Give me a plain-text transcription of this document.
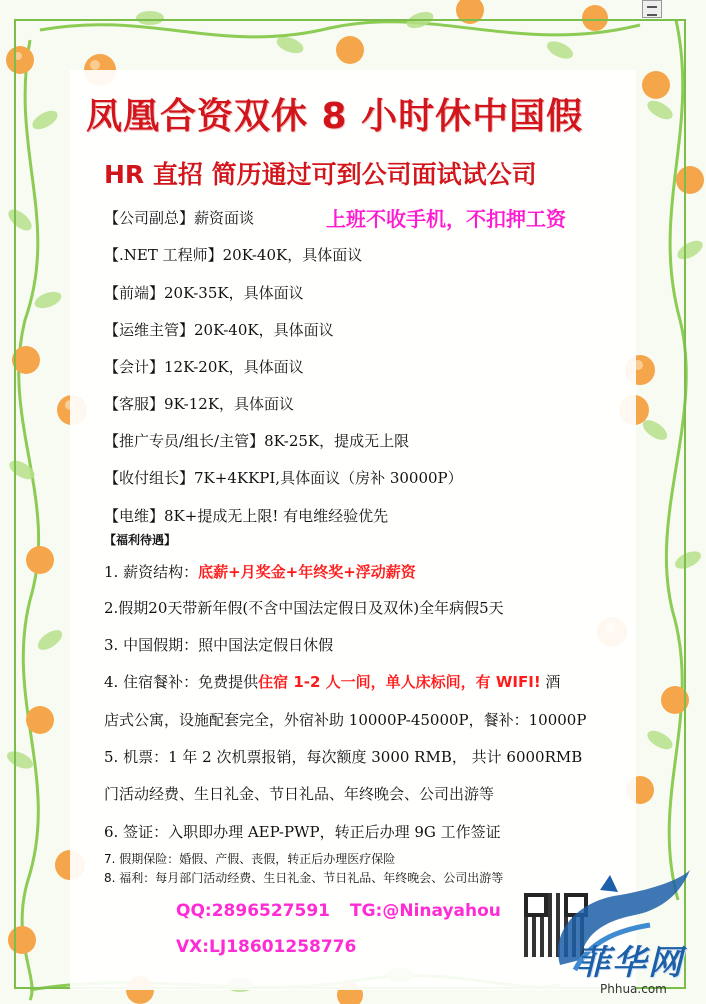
凤凰合资双休 8 小时休中国假
HR 直招 简历通过可到公司面试试公司
上班不收手机，不扣押工资
【公司副总】薪资面谈
【.NET 工程师】20K-40K，具体面议
【前端】20K-35K，具体面议
【运维主管】20K-40K，具体面议
【会计】12K-20K，具体面议
【客服】9K-12K，具体面议
【推广专员/组长/主管】8K-25K，提成无上限
【收付组长】7K+4KKPI,具体面议（房补 30000P）
【电维】8K+提成无上限! 有电维经验优先
【福利待遇】
1. 薪资结构：底薪+月奖金+年终奖+浮动薪资
2.假期20天带新年假(不含中国法定假日及双休)全年病假5天
3. 中国假期：照中国法定假日休假
4. 住宿餐补：免费提供住宿 1-2 人一间，单人床标间，有 WIFI! 酒
店式公寓，设施配套完全，外宿补助 10000P-45000P，餐补：10000P
5. 机票：1 年 2 次机票报销，每次额度 3000 RMB， 共计 6000RMB
门活动经费、生日礼金、节日礼品、年终晚会、公司出游等
6. 签证：入职即办理 AEP-PWP，转正后办理 9G 工作签证
7. 假期保险：婚假、产假、丧假，转正后办理医疗保险
8. 福利：每月部门活动经费、生日礼金、节日礼品、年终晚会、公司出游等
QQ:2896527591 TG:@Ninayahou
VX:LJ18601258776	菲华网
Phhua.com
